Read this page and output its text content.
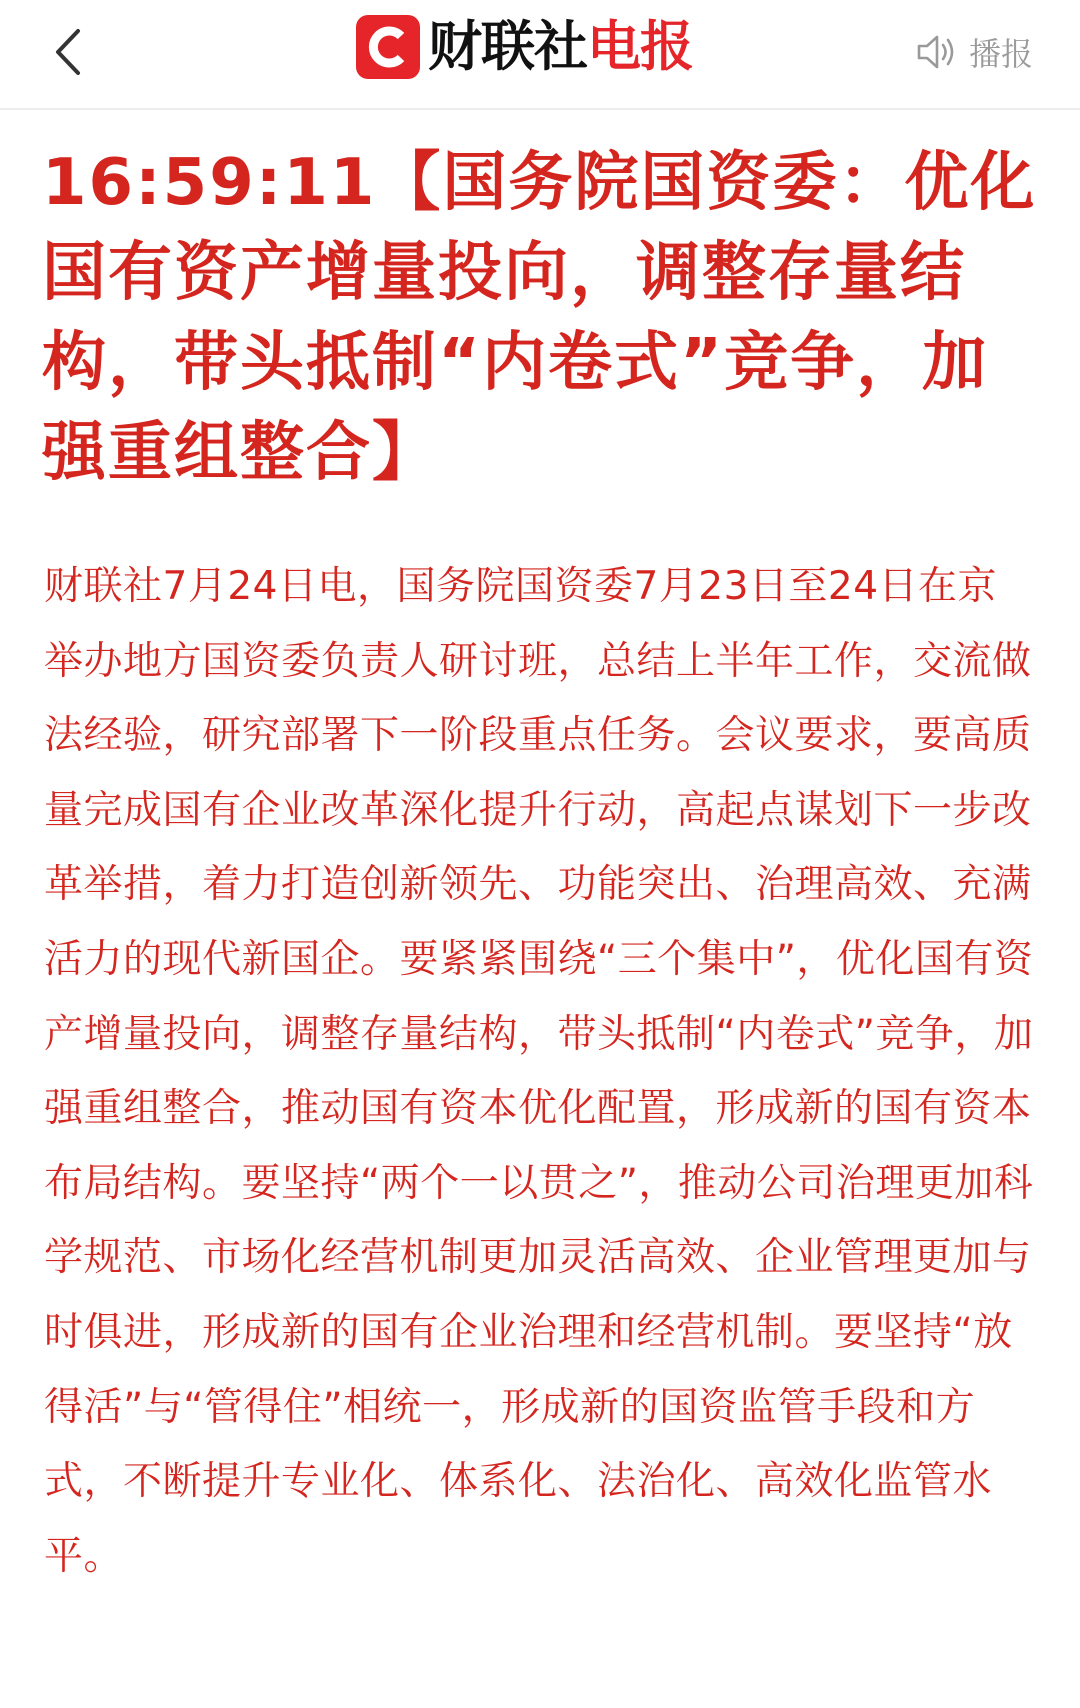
财联社电报	播报
16:59:11【国务院国资委：优化国有资产增量投向，调整存量结构，带头抵制“内卷式”竞争，加强重组整合】

财联社7月24日电，国务院国资委7月23日至24日在京举办地方国资委负责人研讨班，总结上半年工作，交流做法经验，研究部署下一阶段重点任务。会议要求，要高质量完成国有企业改革深化提升行动，高起点谋划下一步改革举措，着力打造创新领先、功能突出、治理高效、充满活力的现代新国企。要紧紧围绕“三个集中”，优化国有资产增量投向，调整存量结构，带头抵制“内卷式”竞争，加强重组整合，推动国有资本优化配置，形成新的国有资本布局结构。要坚持“两个一以贯之”，推动公司治理更加科学规范、市场化经营机制更加灵活高效、企业管理更加与时俱进，形成新的国有企业治理和经营机制。要坚持“放得活”与“管得住”相统一，形成新的国资监管手段和方式，不断提升专业化、体系化、法治化、高效化监管水平。
